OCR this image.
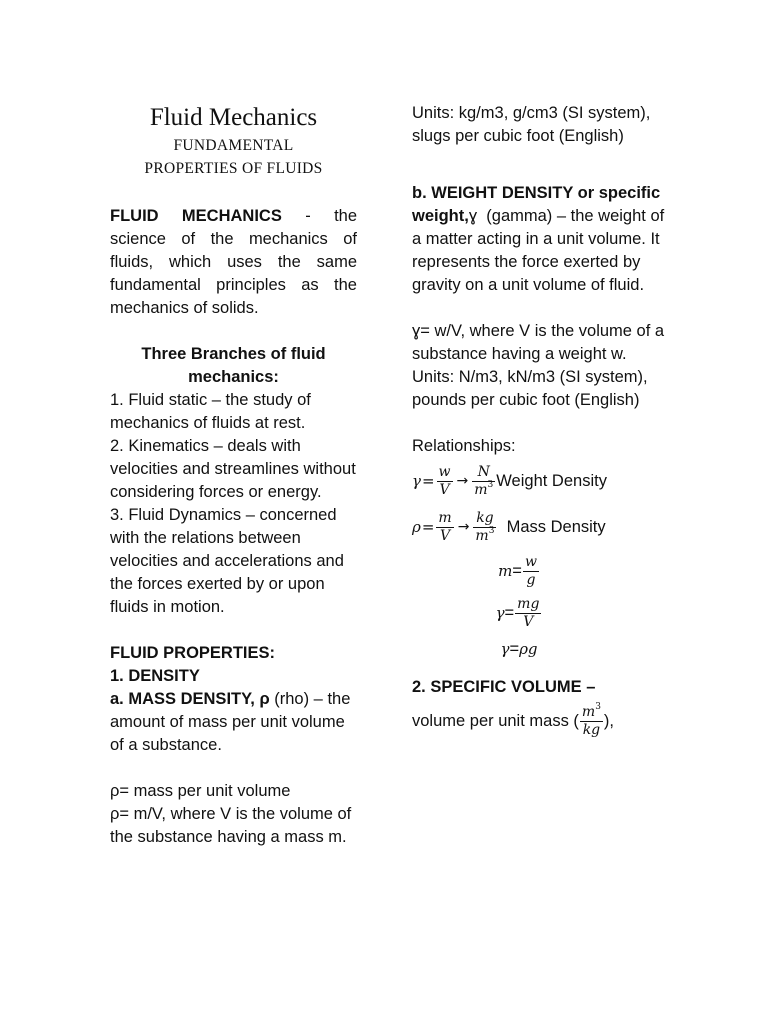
Fluid Mechanics
FUNDAMENTAL
PROPERTIES OF FLUIDS

FLUID MECHANICS - the science of the mechanics of fluids, which uses the same fundamental principles as the mechanics of solids.

Three Branches of fluid mechanics:

1. Fluid static – the study of mechanics of fluids at rest.

2. Kinematics – deals with velocities and streamlines without considering forces or energy.

3. Fluid Dynamics – concerned with the relations between velocities and accelerations and

the forces exerted by or upon fluids in motion.

FLUID PROPERTIES:

1. DENSITY

a. MASS DENSITY, ρ (rho) – the amount of mass per unit volume of a substance.

ρ= mass per unit volume

ρ= m/V, where V is the volume of the substance having a mass m.

Units: kg/m3, g/cm3 (SI system), slugs per cubic foot (English)

b. WEIGHT DENSITY or specific weight,ɣ (gamma) – the weight of a matter acting in a unit volume. It represents the force exerted by gravity on a unit volume of fluid.

ɣ= w/V, where V is the volume of a substance having a weight w.

Units: N/m3, kN/m3 (SI system), pounds per cubic foot (English)

Relationships:

$\gamma = \frac{w}{V} \to \frac{N}{m^3}$ Weight Density
$\rho = \frac{m}{V} \to \frac{kg}{m^3}$
Mass Density
$m = \frac{w}{g}$
$\gamma = \frac{mg}{V}$
γ = ρg

2. SPECIFIC VOLUME –

volume per unit mass ( $\frac{m^3}{kg}$ ),
